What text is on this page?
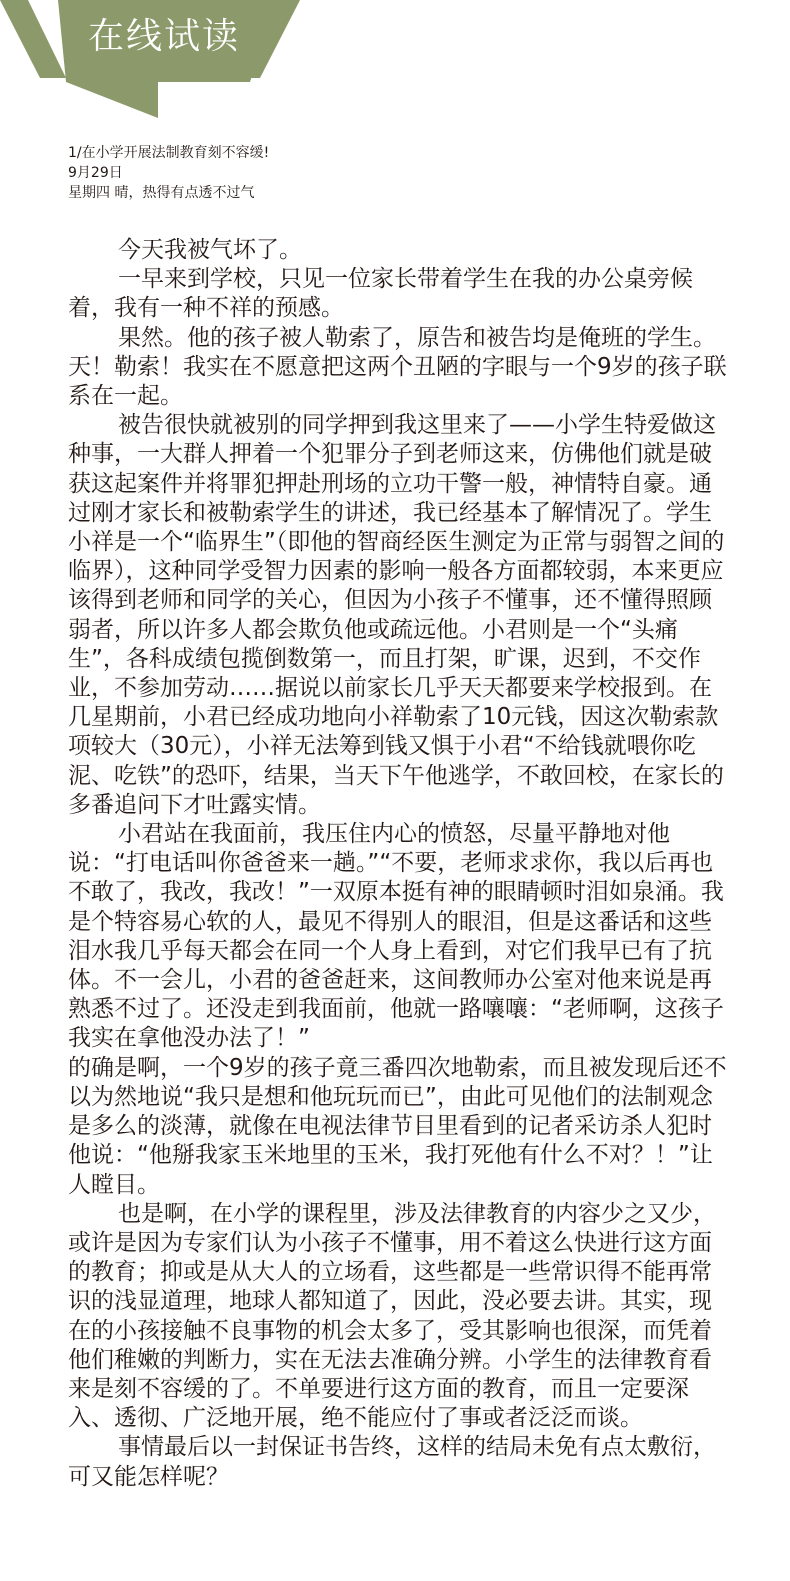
在线试读
1/在小学开展法制教育刻不容缓!
9月29日
星期四 晴，热得有点透不过气

今天我被气坏了。

一早来到学校，只见一位家长带着学生在我的办公桌旁候着，我有一种不祥的预感。

果然。他的孩子被人勒索了，原告和被告均是俺班的学生。天！勒索！我实在不愿意把这两个丑陋的字眼与一个9岁的孩子联系在一起。

被告很快就被别的同学押到我这里来了——小学生特爱做这种事，一大群人押着一个犯罪分子到老师这来，仿佛他们就是破获这起案件并将罪犯押赴刑场的立功干警一般，神情特自豪。通过刚才家长和被勒索学生的讲述，我已经基本了解情况了。学生小祥是一个“临界生”（即他的智商经医生测定为正常与弱智之间的临界），这种同学受智力因素的影响一般各方面都较弱，本来更应该得到老师和同学的关心，但因为小孩子不懂事，还不懂得照顾弱者，所以许多人都会欺负他或疏远他。小君则是一个“头痛生”，各科成绩包揽倒数第一，而且打架，旷课，迟到，不交作业，不参加劳动……据说以前家长几乎天天都要来学校报到。在几星期前，小君已经成功地向小祥勒索了10元钱，因这次勒索款项较大（30元），小祥无法筹到钱又惧于小君“不给钱就喂你吃泥、吃铁”的恐吓，结果，当天下午他逃学，不敢回校，在家长的多番追问下才吐露实情。

小君站在我面前，我压住内心的愤怒，尽量平静地对他说：“打电话叫你爸爸来一趟。”“不要，老师求求你，我以后再也不敢了，我改，我改！”一双原本挺有神的眼睛顿时泪如泉涌。我是个特容易心软的人，最见不得别人的眼泪，但是这番话和这些泪水我几乎每天都会在同一个人身上看到，对它们我早已有了抗体。不一会儿，小君的爸爸赶来，这间教师办公室对他来说是再熟悉不过了。还没走到我面前，他就一路嚷嚷：“老师啊，这孩子我实在拿他没办法了！”

的确是啊，一个9岁的孩子竟三番四次地勒索，而且被发现后还不以为然地说“我只是想和他玩玩而已”，由此可见他们的法制观念是多么的淡薄，就像在电视法律节目里看到的记者采访杀人犯时他说：“他掰我家玉米地里的玉米，我打死他有什么不对？！”让人瞠目。

也是啊，在小学的课程里，涉及法律教育的内容少之又少，或许是因为专家们认为小孩子不懂事，用不着这么快进行这方面的教育；抑或是从大人的立场看，这些都是一些常识得不能再常识的浅显道理，地球人都知道了，因此，没必要去讲。其实，现在的小孩接触不良事物的机会太多了，受其影响也很深，而凭着他们稚嫩的判断力，实在无法去准确分辨。小学生的法律教育看来是刻不容缓的了。不单要进行这方面的教育，而且一定要深入、透彻、广泛地开展，绝不能应付了事或者泛泛而谈。

事情最后以一封保证书告终，这样的结局未免有点太敷衍，可又能怎样呢？
